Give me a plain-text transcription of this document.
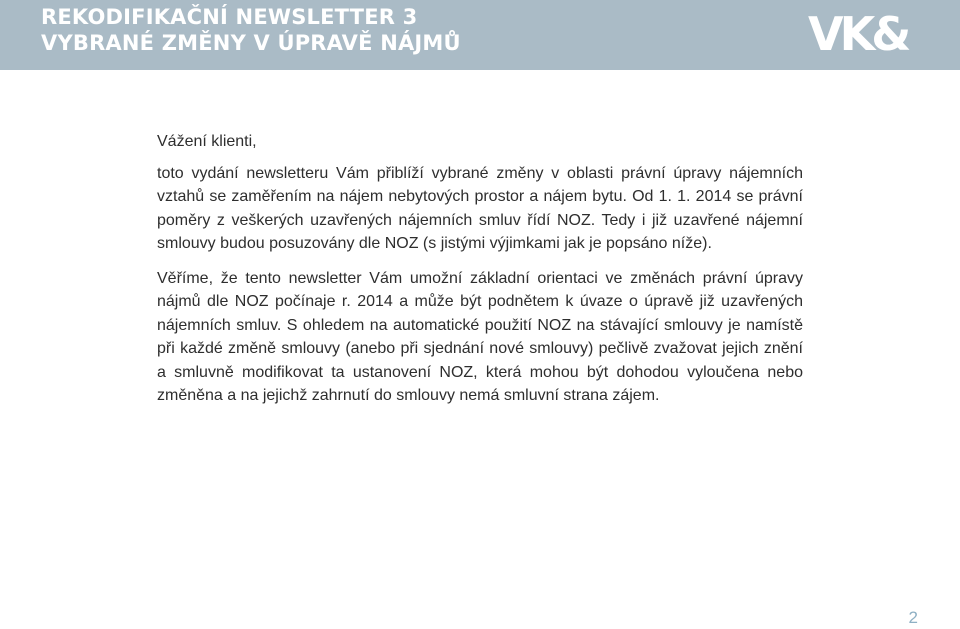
REKODIFIKAČNÍ NEWSLETTER 3
VYBRANÉ ZMĚNY V ÚPRAVĚ NÁJMŮ	VK&

Vážení klienti,

toto vydání newsletteru Vám přiblíží vybrané změny v oblasti právní úpravy nájemních vztahů se zaměřením na nájem nebytových prostor a nájem bytu. Od 1. 1. 2014 se právní poměry z veškerých uzavřených nájemních smluv řídí NOZ. Tedy i již uzavřené nájemní smlouvy budou posuzovány dle NOZ (s jistými výjimkami jak je popsáno níže).

Věříme, že tento newsletter Vám umožní základní orientaci ve změnách právní úpravy nájmů dle NOZ počínaje r. 2014 a může být podnětem k úvaze o úpravě již uzavřených nájemních smluv. S ohledem na automatické použití NOZ na stávající smlouvy je namístě při každé změně smlouvy (anebo při sjednání nové smlouvy) pečlivě zvažovat jejich znění a smluvně modifikovat ta ustanovení NOZ, která mohou být dohodou vyloučena nebo změněna a na jejichž zahrnutí do smlouvy nemá smluvní strana zájem.

2
